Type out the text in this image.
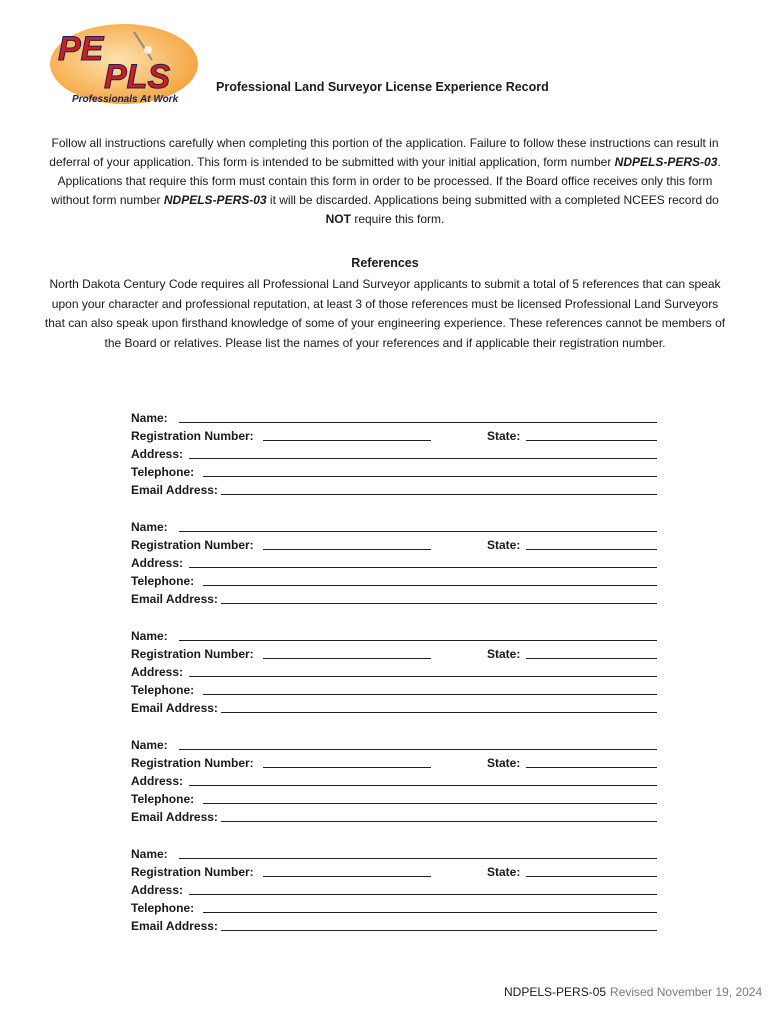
PE
PLS
Professionals At Work
Professional Land Surveyor License Experience Record
Follow all instructions carefully when completing this portion of the application. Failure to follow these instructions can result in deferral of your application. This form is intended to be submitted with your initial application, form number NDPELS-PERS-03. Applications that require this form must contain this form in order to be processed. If the Board office receives only this form without form number NDPELS-PERS-03 it will be discarded. Applications being submitted with a completed NCEES record do NOT require this form.
References
North Dakota Century Code requires all Professional Land Surveyor applicants to submit a total of 5 references that can speak upon your character and professional reputation, at least 3 of those references must be licensed Professional Land Surveyors that can also speak upon firsthand knowledge of some of your engineering experience. These references cannot be members of the Board or relatives. Please list the names of your references and if applicable their registration number.
Name:
Registration Number:	State:
Address:
Telephone:
Email Address:
Name:
Registration Number:	State:
Address:
Telephone:
Email Address:
Name:
Registration Number:	State:
Address:
Telephone:
Email Address:
Name:
Registration Number:	State:
Address:
Telephone:
Email Address:
Name:
Registration Number:	State:
Address:
Telephone:
Email Address:
NDPELS-PERS-05 Revised November 19, 2024
